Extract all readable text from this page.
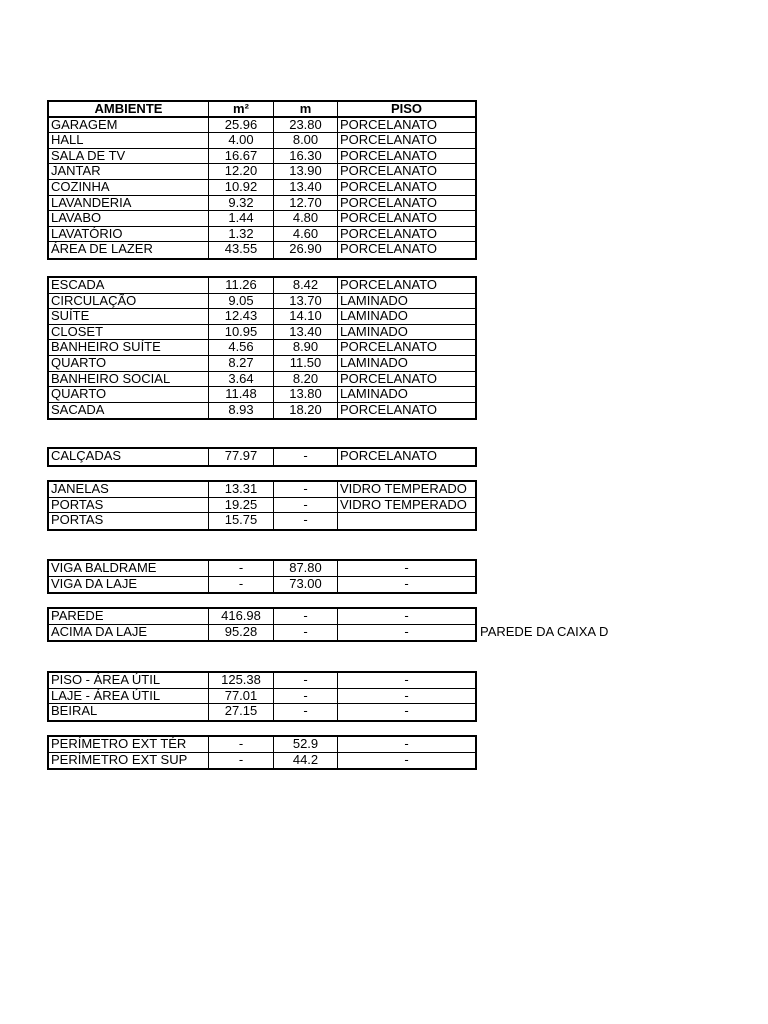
AMBIENTE	m²	m	PISO
GARAGEM	25.96	23.80	PORCELANATO
HALL	4.00	8.00	PORCELANATO
SALA DE TV	16.67	16.30	PORCELANATO
JANTAR	12.20	13.90	PORCELANATO
COZINHA	10.92	13.40	PORCELANATO
LAVANDERIA	9.32	12.70	PORCELANATO
LAVABO	1.44	4.80	PORCELANATO
LAVATÓRIO	1.32	4.60	PORCELANATO
ÁREA DE LAZER	43.55	26.90	PORCELANATO
ESCADA	11.26	8.42	PORCELANATO
CIRCULAÇÃO	9.05	13.70	LAMINADO
SUÍTE	12.43	14.10	LAMINADO
CLOSET	10.95	13.40	LAMINADO
BANHEIRO SUÍTE	4.56	8.90	PORCELANATO
QUARTO	8.27	11.50	LAMINADO
BANHEIRO SOCIAL	3.64	8.20	PORCELANATO
QUARTO	11.48	13.80	LAMINADO
SACADA	8.93	18.20	PORCELANATO
CALÇADAS	77.97	-	PORCELANATO
JANELAS	13.31	-	VIDRO TEMPERADO
PORTAS	19.25	-	VIDRO TEMPERADO
PORTAS	15.75	-
VIGA BALDRAME	-	87.80	-
VIGA DA LAJE	-	73.00	-
PAREDE	416.98	-	-
ACIMA DA LAJE	95.28	-	-
PISO - ÁREA ÚTIL	125.38	-	-
LAJE - ÁREA ÚTIL	77.01	-	-
BEIRAL	27.15	-	-
PERÍMETRO EXT TÉR	-	52.9	-
PERÍMETRO EXT SUP	-	44.2	-
PAREDE DA CAIXA D
